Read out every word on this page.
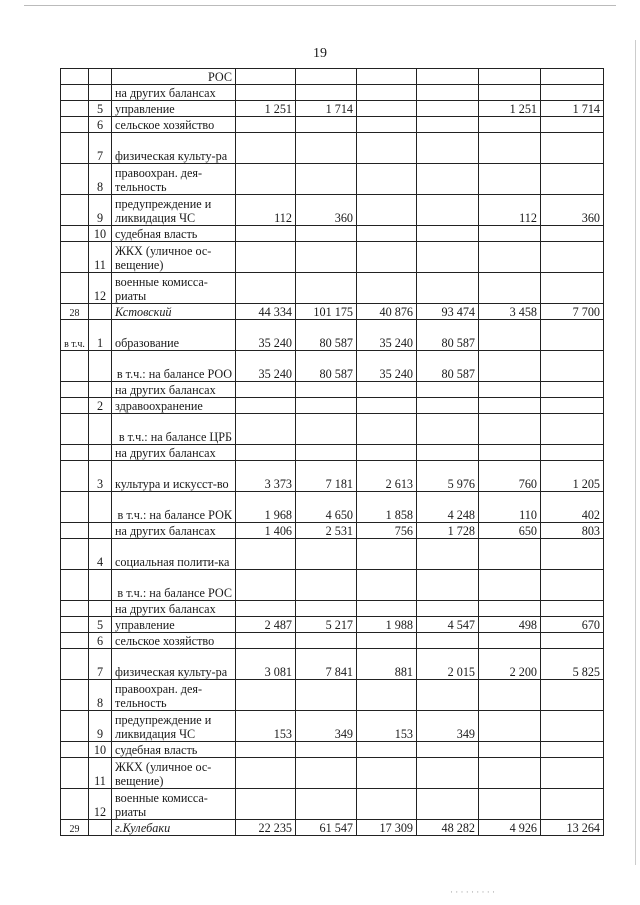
19
		РОС						
		на других балансах						
	5	управление	1 251	1 714			1 251	1 714
	6	сельское хозяйство						
	7	физическая культу-ра						
	8	правоохран. дея-тельность						
	9	предупреждение и ликвидация ЧС	112	360			112	360
	10	судебная власть						
	11	ЖКХ (уличное ос-вещение)						
	12	военные комисса-риаты						
28		Кстовский	44 334	101 175	40 876	93 474	3 458	7 700
в т.ч.	1	образование	35 240	80 587	35 240	80 587		
		в т.ч.: на балансе РОО	35 240	80 587	35 240	80 587		
		на других балансах						
	2	здравоохранение						
		в т.ч.: на балансе ЦРБ						
		на других балансах						
	3	культура и искусст-во	3 373	7 181	2 613	5 976	760	1 205
		в т.ч.: на балансе РОК	1 968	4 650	1 858	4 248	110	402
		на других балансах	1 406	2 531	756	1 728	650	803
	4	социальная полити-ка						
		в т.ч.: на балансе РОС						
		на других балансах						
	5	управление	2 487	5 217	1 988	4 547	498	670
	6	сельское хозяйство						
	7	физическая культу-ра	3 081	7 841	881	2 015	2 200	5 825
	8	правоохран. дея-тельность						
	9	предупреждение и ликвидация ЧС	153	349	153	349		
	10	судебная власть						
	11	ЖКХ (уличное ос-вещение)						
	12	военные комисса-риаты						
29		г.Кулебаки	22 235	61 547	17 309	48 282	4 926	13 264
· · · · · · · · ·
